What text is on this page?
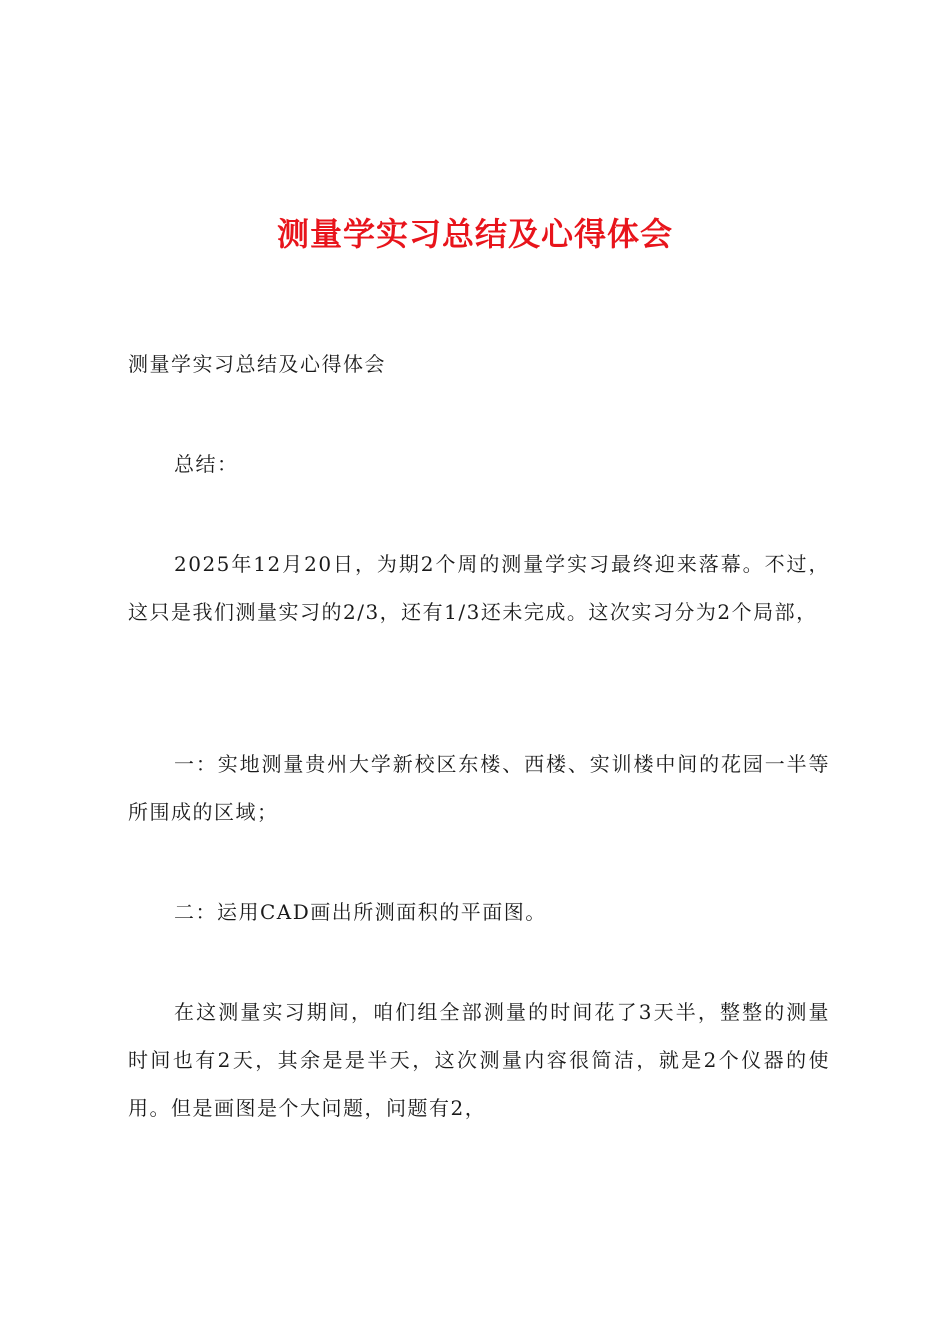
测量学实习总结及心得体会
测量学实习总结及心得体会
总结：
2025年12月20日，为期2个周的测量学实习最终迎来落幕。不过，这只是我们测量实习的2/3，还有1/3还未完成。这次实习分为2个局部，
一：实地测量贵州大学新校区东楼、西楼、实训楼中间的花园一半等所围成的区域；
二：运用CAD画出所测面积的平面图。
在这测量实习期间，咱们组全部测量的时间花了3天半，整整的测量时间也有2天，其余是是半天，这次测量内容很简洁，就是2个仪器的使用。但是画图是个大问题，问题有2，
